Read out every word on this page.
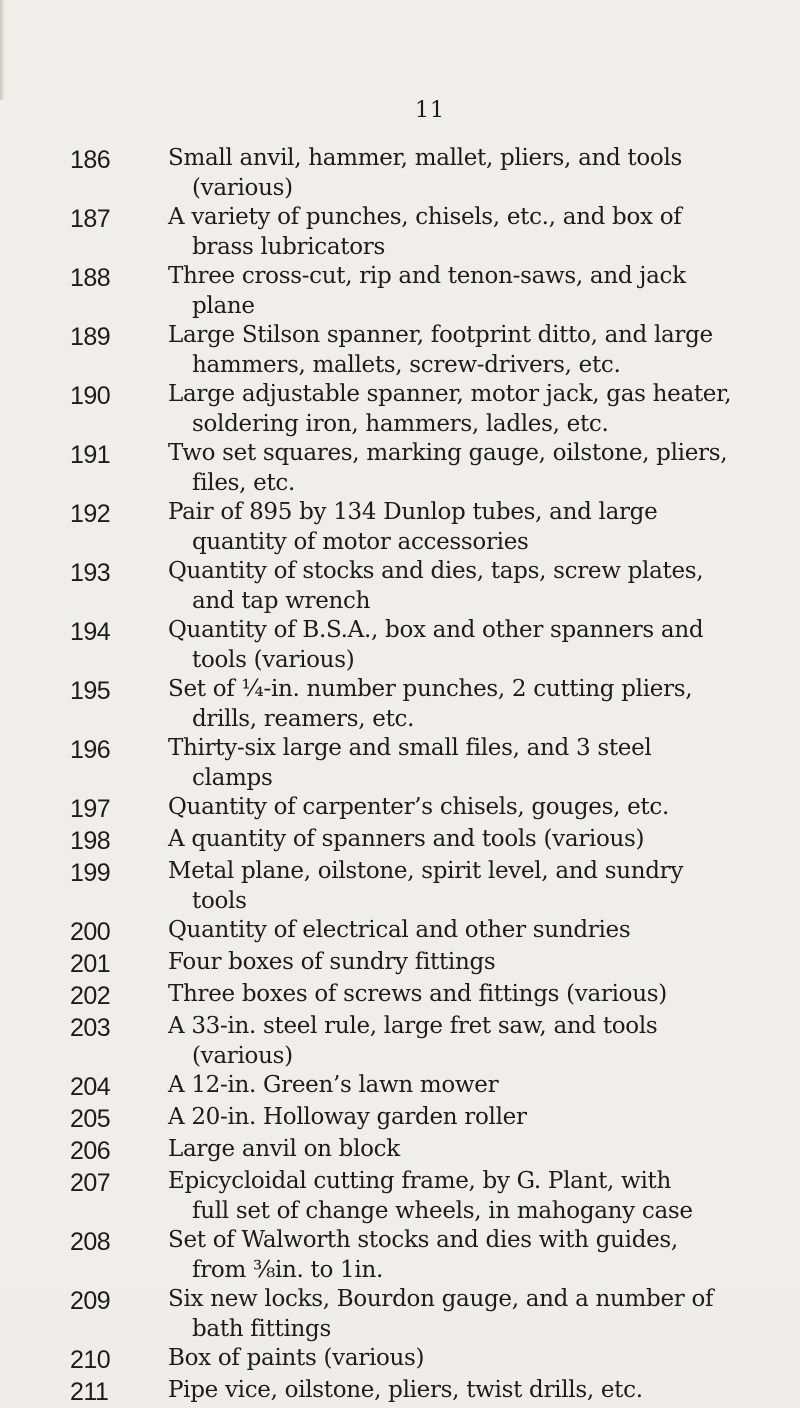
11
186	Small anvil, hammer, mallet, pliers, and tools
(various)
187	A variety of punches, chisels, etc., and box of
brass lubricators
188	Three cross-cut, rip and tenon-saws, and jack
plane
189	Large Stilson spanner, footprint ditto, and large
hammers, mallets, screw-drivers, etc.
190	Large adjustable spanner, motor jack, gas heater,
soldering iron, hammers, ladles, etc.
191	Two set squares, marking gauge, oilstone, pliers,
files, etc.
192	Pair of 895 by 134 Dunlop tubes, and large
quantity of motor accessories
193	Quantity of stocks and dies, taps, screw plates,
and tap wrench
194	Quantity of B.S.A., box and other spanners and
tools (various)
195	Set of ¼-in. number punches, 2 cutting pliers,
drills, reamers, etc.
196	Thirty-six large and small files, and 3 steel
clamps
197	Quantity of carpenter’s chisels, gouges, etc.
198	A quantity of spanners and tools (various)
199	Metal plane, oilstone, spirit level, and sundry
tools
200	Quantity of electrical and other sundries
201	Four boxes of sundry fittings
202	Three boxes of screws and fittings (various)
203	A 33-in. steel rule, large fret saw, and tools
(various)
204	A 12-in. Green’s lawn mower
205	A 20-in. Holloway garden roller
206	Large anvil on block
207	Epicycloidal cutting frame, by G. Plant, with
full set of change wheels, in mahogany case
208	Set of Walworth stocks and dies with guides,
from ⅜in. to 1in.
209	Six new locks, Bourdon gauge, and a number of
bath fittings
210	Box of paints (various)
211	Pipe vice, oilstone, pliers, twist drills, etc.
